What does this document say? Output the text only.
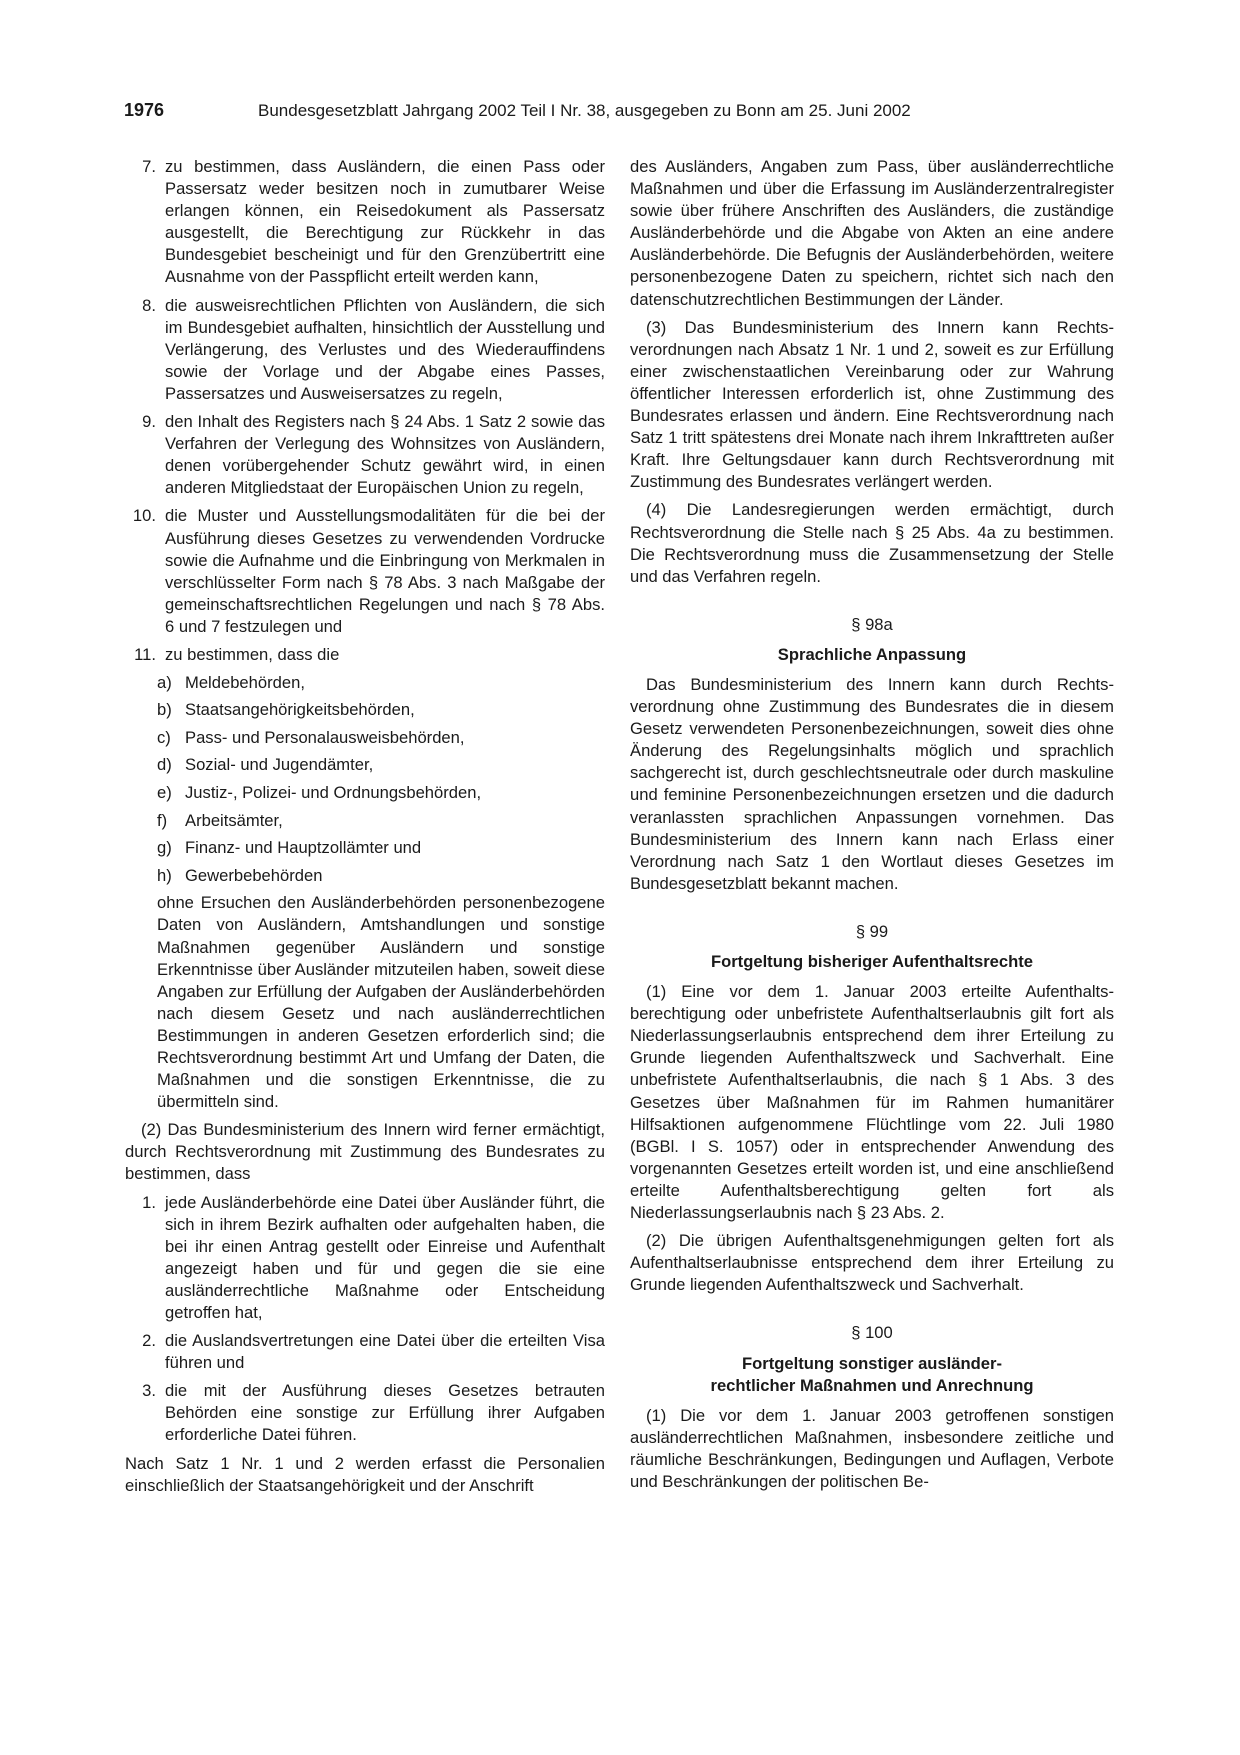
1976	Bundesgesetzblatt Jahrgang 2002 Teil I Nr. 38, ausgegeben zu Bonn am 25. Juni 2002
7. zu bestimmen, dass Ausländern, die einen Pass oder Passersatz weder besitzen noch in zumutbarer Weise erlangen können, ein Reisedokument als Passersatz ausgestellt, die Berechtigung zur Rückkehr in das Bundesgebiet bescheinigt und für den Grenzübertritt eine Ausnahme von der Passpflicht erteilt werden kann,
8. die ausweisrechtlichen Pflichten von Ausländern, die sich im Bundesgebiet aufhalten, hinsichtlich der Ausstellung und Verlängerung, des Verlustes und des Wiederauffindens sowie der Vorlage und der Abgabe eines Passes, Passersatzes und Ausweisersatzes zu regeln,
9. den Inhalt des Registers nach § 24 Abs. 1 Satz 2 sowie das Verfahren der Verlegung des Wohnsitzes von Ausländern, denen vorübergehender Schutz gewährt wird, in einen anderen Mitgliedstaat der Europäischen Union zu regeln,
10. die Muster und Ausstellungsmodalitäten für die bei der Ausführung dieses Gesetzes zu verwendenden Vordrucke sowie die Aufnahme und die Einbringung von Merkmalen in verschlüsselter Form nach § 78 Abs. 3 nach Maßgabe der gemeinschaftsrechtlichen Regelungen und nach § 78 Abs. 6 und 7 festzulegen und
11. zu bestimmen, dass die
a) Meldebehörden,
b) Staatsangehörigkeitsbehörden,
c) Pass- und Personalausweisbehörden,
d) Sozial- und Jugendämter,
e) Justiz-, Polizei- und Ordnungsbehörden,
f)	Arbeitsämter,
g) Finanz- und Hauptzollämter und
h) Gewerbebehörden

ohne Ersuchen den Ausländerbehörden personenbezogene Daten von Ausländern, Amtshandlungen und sonstige Maßnahmen gegenüber Ausländern und sonstige Erkenntnisse über Ausländer mitzuteilen haben, soweit diese Angaben zur Erfüllung der Aufgaben der Ausländerbehörden nach diesem Gesetz und nach ausländerrechtlichen Bestimmungen in anderen Gesetzen erforderlich sind; die Rechtsverordnung bestimmt Art und Umfang der Daten, die Maßnahmen und die sonstigen Erkenntnisse, die zu übermitteln sind.

(2) Das Bundesministerium des Innern wird ferner ermächtigt, durch Rechtsverordnung mit Zustimmung des Bundesrates zu bestimmen, dass

1. jede Ausländerbehörde eine Datei über Ausländer führt, die sich in ihrem Bezirk aufhalten oder aufgehalten haben, die bei ihr einen Antrag gestellt oder Einreise und Aufenthalt angezeigt haben und für und gegen die sie eine ausländerrechtliche Maßnahme oder Entscheidung getroffen hat,
2. die Auslandsvertretungen eine Datei über die erteilten Visa führen und
3. die mit der Ausführung dieses Gesetzes betrauten Behörden eine sonstige zur Erfüllung ihrer Aufgaben erforderliche Datei führen.

Nach Satz 1 Nr. 1 und 2 werden erfasst die Personalien einschließlich der Staatsangehörigkeit und der Anschrift

des Ausländers, Angaben zum Pass, über ausländerrechtliche Maßnahmen und über die Erfassung im Ausländerzentralregister sowie über frühere Anschriften des Ausländers, die zuständige Ausländerbehörde und die Abgabe von Akten an eine andere Ausländerbehörde. Die Befugnis der Ausländerbehörden, weitere personenbezogene Daten zu speichern, richtet sich nach den datenschutzrechtlichen Bestimmungen der Länder.

(3) Das Bundesministerium des Innern kann Rechtsverordnungen nach Absatz 1 Nr. 1 und 2, soweit es zur Erfüllung einer zwischenstaatlichen Vereinbarung oder zur Wahrung öffentlicher Interessen erforderlich ist, ohne Zustimmung des Bundesrates erlassen und ändern. Eine Rechtsverordnung nach Satz 1 tritt spätestens drei Monate nach ihrem Inkrafttreten außer Kraft. Ihre Geltungsdauer kann durch Rechtsverordnung mit Zustimmung des Bundesrates verlängert werden.

(4) Die Landesregierungen werden ermächtigt, durch Rechtsverordnung die Stelle nach § 25 Abs. 4a zu bestimmen. Die Rechtsverordnung muss die Zusammensetzung der Stelle und das Verfahren regeln.

§ 98a

Sprachliche Anpassung

Das Bundesministerium des Innern kann durch Rechtsverordnung ohne Zustimmung des Bundesrates die in diesem Gesetz verwendeten Personenbezeichnungen, soweit dies ohne Änderung des Regelungsinhalts möglich und sprachlich sachgerecht ist, durch geschlechtsneutrale oder durch maskuline und feminine Personenbezeichnungen ersetzen und die dadurch veranlassten sprachlichen Anpassungen vornehmen. Das Bundesministerium des Innern kann nach Erlass einer Verordnung nach Satz 1 den Wortlaut dieses Gesetzes im Bundesgesetzblatt bekannt machen.

§ 99

Fortgeltung bisheriger Aufenthaltsrechte

(1) Eine vor dem 1. Januar 2003 erteilte Aufenthaltsberechtigung oder unbefristete Aufenthaltserlaubnis gilt fort als Niederlassungserlaubnis entsprechend dem ihrer Erteilung zu Grunde liegenden Aufenthaltszweck und Sachverhalt. Eine unbefristete Aufenthaltserlaubnis, die nach § 1 Abs. 3 des Gesetzes über Maßnahmen für im Rahmen humanitärer Hilfsaktionen aufgenommene Flüchtlinge vom 22. Juli 1980 (BGBl. I S. 1057) oder in entsprechender Anwendung des vorgenannten Gesetzes erteilt worden ist, und eine anschließend erteilte Aufenthaltsberechtigung gelten fort als Niederlassungserlaubnis nach § 23 Abs. 2.

(2) Die übrigen Aufenthaltsgenehmigungen gelten fort als Aufenthaltserlaubnisse entsprechend dem ihrer Erteilung zu Grunde liegenden Aufenthaltszweck und Sachverhalt.

§ 100

Fortgeltung sonstiger ausländer-
rechtlicher Maßnahmen und Anrechnung

(1) Die vor dem 1. Januar 2003 getroffenen sonstigen ausländerrechtlichen Maßnahmen, insbesondere zeitliche und räumliche Beschränkungen, Bedingungen und Auflagen, Verbote und Beschränkungen der politischen Be-
